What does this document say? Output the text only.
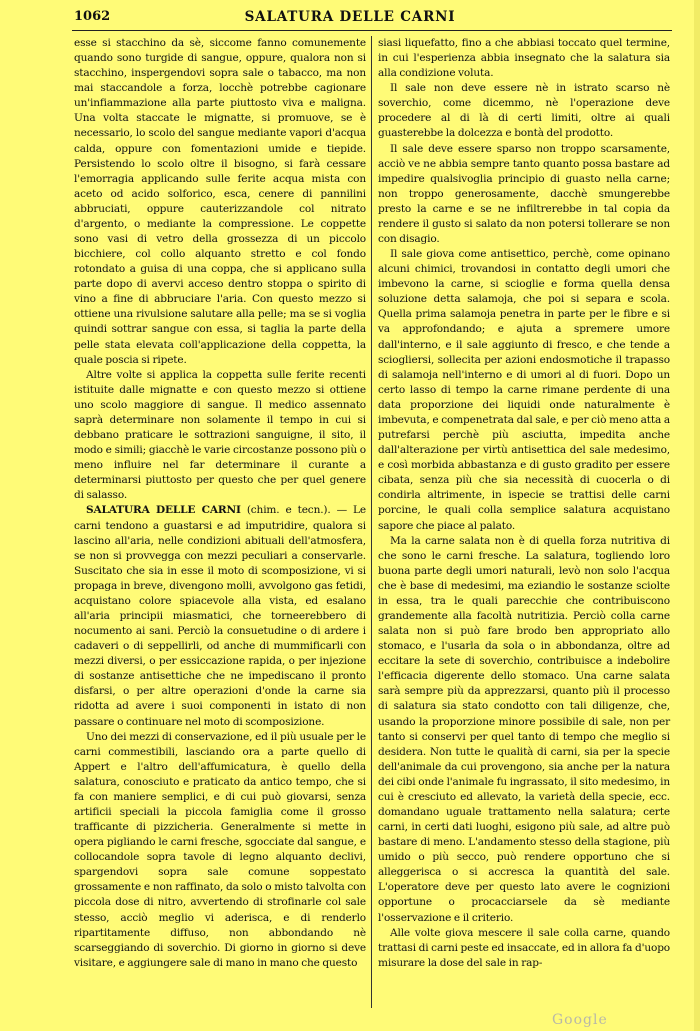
1062	SALATURA DELLE CARNI

esse si stacchino da sè, siccome fanno comunemente quando sono turgide di sangue, oppure, qualora non si stacchino, inspergendovi sopra sale o tabacco, ma non mai staccandole a forza, locchè potrebbe cagionare un'infiammazione alla parte piuttosto viva e maligna. Una volta staccate le mignatte, si promuove, se è necessario, lo scolo del sangue mediante vapori d'acqua calda, oppure con fomentazioni umide e tiepide. Persistendo lo scolo oltre il bisogno, si farà cessare l'emorragia applicando sulle ferite acqua mista con aceto od acido solforico, esca, cenere di pannilini abbruciati, oppure cauterizzandole col nitrato d'argento, o mediante la compressione. Le coppette sono vasi di vetro della grossezza di un piccolo bicchiere, col collo alquanto stretto e col fondo rotondato a guisa di una coppa, che si applicano sulla parte dopo di avervi acceso dentro stoppa o spirito di vino a fine di abbruciare l'aria. Con questo mezzo si ottiene una rivulsione salutare alla pelle; ma se si voglia quindi sottrar sangue con essa, si taglia la parte della pelle stata elevata coll'applicazione della coppetta, la quale poscia si ripete.

Altre volte si applica la coppetta sulle ferite recenti istituite dalle mignatte e con questo mezzo si ottiene uno scolo maggiore di sangue. Il medico assennato saprà determinare non solamente il tempo in cui si debbano praticare le sottrazioni sanguigne, il sito, il modo e simili; giacchè le varie circostanze possono più o meno influire nel far determinare il curante a determinarsi piuttosto per questo che per quel genere di salasso.

SALATURA DELLE CARNI (chim. e tecn.). — Le carni tendono a guastarsi e ad imputridire, qualora si lascino all'aria, nelle condizioni abituali dell'atmosfera, se non si provvegga con mezzi peculiari a conservarle. Suscitato che sia in esse il moto di scomposizione, vi si propaga in breve, divengono molli, avvolgono gas fetidi, acquistano colore spiacevole alla vista, ed esalano all'aria principii miasmatici, che torneerebbero di nocumento ai sani. Perciò la consuetudine o di ardere i cadaveri o di seppellirli, od anche di mummificarli con mezzi diversi, o per essiccazione rapida, o per injezione di sostanze antisettiche che ne impediscano il pronto disfarsi, o per altre operazioni d'onde la carne sia ridotta ad avere i suoi componenti in istato di non passare o continuare nel moto di scomposizione.

Uno dei mezzi di conservazione, ed il più usuale per le carni commestibili, lasciando ora a parte quello di Appert e l'altro dell'affumicatura, è quello della salatura, conosciuto e praticato da antico tempo, che si fa con maniere semplici, e di cui può giovarsi, senza artificii speciali la piccola famiglia come il grosso trafficante di pizzicheria. Generalmente si mette in opera pigliando le carni fresche, sgocciate dal sangue, e collocandole sopra tavole di legno alquanto declivi, spargendovi sopra sale comune soppestato grossamente e non raffinato, da solo o misto talvolta con piccola dose di nitro, avvertendo di strofinarle col sale stesso, acciò meglio vi aderisca, e di renderlo ripartitamente diffuso, non abbondando nè scarseggiando di soverchio. Di giorno in giorno si deve visitare, e aggiungere sale di mano in mano che questo

siasi liquefatto, fino a che abbiasi toccato quel termine, in cui l'esperienza abbia insegnato che la salatura sia alla condizione voluta.

Il sale non deve essere nè in istrato scarso nè soverchio, come dicemmo, nè l'operazione deve procedere al di là di certi limiti, oltre ai quali guasterebbe la dolcezza e bontà del prodotto.

Il sale deve essere sparso non troppo scarsamente, acciò ve ne abbia sempre tanto quanto possa bastare ad impedire qualsivoglia principio di guasto nella carne; non troppo generosamente, dacchè smungerebbe presto la carne e se ne infiltrerebbe in tal copia da rendere il gusto si salato da non potersi tollerare se non con disagio.

Il sale giova come antisettico, perchè, come opinano alcuni chimici, trovandosi in contatto degli umori che imbevono la carne, si scioglie e forma quella densa soluzione detta salamoja, che poi si separa e scola. Quella prima salamoja penetra in parte per le fibre e si va approfondando; e ajuta a spremere umore dall'interno, e il sale aggiunto di fresco, e che tende a sciogliersi, sollecita per azioni endosmotiche il trapasso di salamoja nell'interno e di umori al di fuori. Dopo un certo lasso di tempo la carne rimane perdente di una data proporzione dei liquidi onde naturalmente è imbevuta, e compenetrata dal sale, e per ciò meno atta a putrefarsi perchè più asciutta, impedita anche dall'alterazione per virtù antisettica del sale medesimo, e così morbida abbastanza e di gusto gradito per essere cibata, senza più che sia necessità di cuocerla o di condirla altrimente, in ispecie se trattisi delle carni porcine, le quali colla semplice salatura acquistano sapore che piace al palato.

Ma la carne salata non è di quella forza nutritiva di che sono le carni fresche. La salatura, togliendo loro buona parte degli umori naturali, levò non solo l'acqua che è base di medesimi, ma eziandio le sostanze sciolte in essa, tra le quali parecchie che contribuiscono grandemente alla facoltà nutritizia. Perciò colla carne salata non si può fare brodo ben appropriato allo stomaco, e l'usarla da sola o in abbondanza, oltre ad eccitare la sete di soverchio, contribuisce a indebolire l'efficacia digerente dello stomaco. Una carne salata sarà sempre più da apprezzarsi, quanto più il processo di salatura sia stato condotto con tali diligenze, che, usando la proporzione minore possibile di sale, non per tanto si conservi per quel tanto di tempo che meglio si desidera. Non tutte le qualità di carni, sia per la specie dell'animale da cui provengono, sia anche per la natura dei cibi onde l'animale fu ingrassato, il sito medesimo, in cui è cresciuto ed allevato, la varietà della specie, ecc. domandano uguale trattamento nella salatura; certe carni, in certi dati luoghi, esigono più sale, ad altre può bastare di meno. L'andamento stesso della stagione, più umido o più secco, può rendere opportuno che si alleggerisca o si accresca la quantità del sale. L'operatore deve per questo lato avere le cognizioni opportune o procacciarsele da sè mediante l'osservazione e il criterio.

Alle volte giova mescere il sale colla carne, quando trattasi di carni peste ed insaccate, ed in allora fa d'uopo misurare la dose del sale in rap-

Google
